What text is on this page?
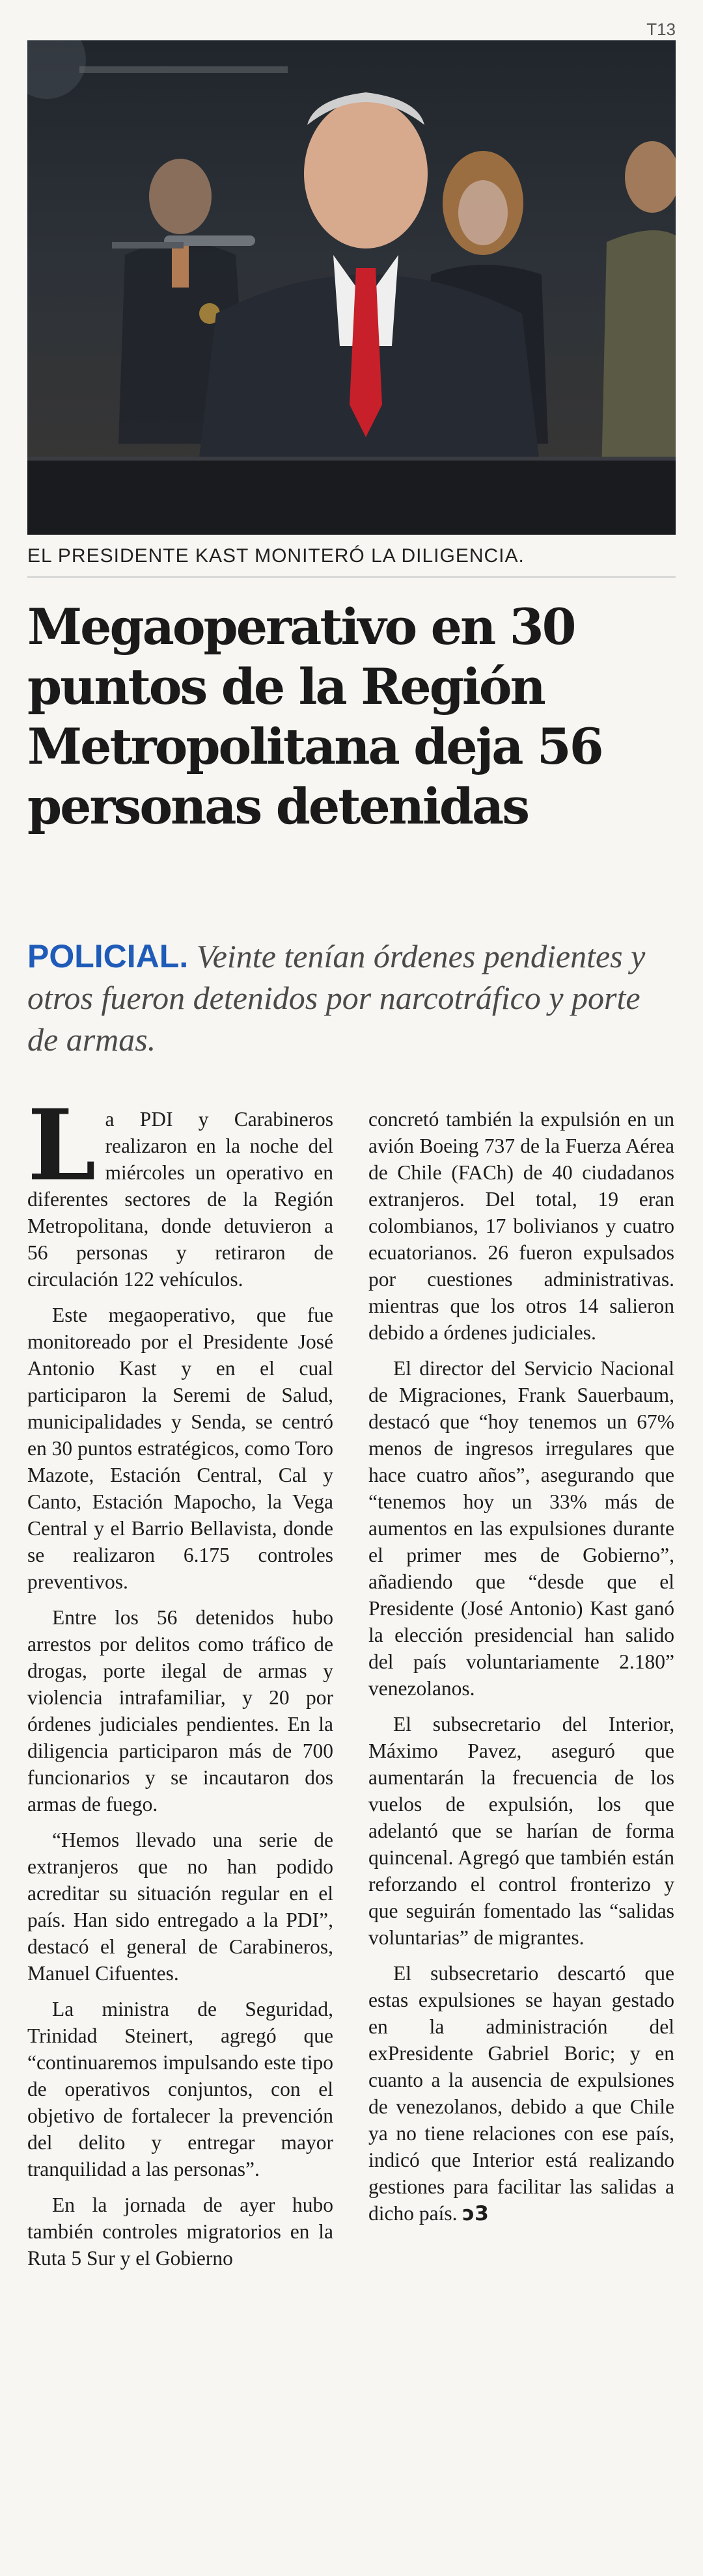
T13
EL PRESIDENTE KAST MONITERÓ LA DILIGENCIA.
Megaoperativo en 30 puntos de la Región Metropolitana deja 56 personas detenidas
POLICIAL. Veinte tenían órdenes pendientes y otros fueron detenidos por narcotráfico y porte de armas.

La PDI y Carabineros realizaron en la noche del miércoles un operativo en diferentes sectores de la Región Metropolitana, donde detuvieron a 56 personas y retiraron de circulación 122 vehículos.

Este megaoperativo, que fue monitoreado por el Presidente José Antonio Kast y en el cual participaron la Seremi de Salud, municipalidades y Senda, se centró en 30 puntos estratégicos, como Toro Mazote, Estación Central, Cal y Canto, Estación Mapocho, la Vega Central y el Barrio Bellavista, donde se realizaron 6.175 controles preventivos.

Entre los 56 detenidos hubo arrestos por delitos como tráfico de drogas, porte ilegal de armas y violencia intrafamiliar, y 20 por órdenes judiciales pendientes. En la diligencia participaron más de 700 funcionarios y se incautaron dos armas de fuego.

“Hemos llevado una serie de extranjeros que no han podido acreditar su situación regular en el país. Han sido entregado a la PDI”, destacó el general de Carabineros, Manuel Cifuentes.

La ministra de Seguridad, Trinidad Steinert, agregó que “continuaremos impulsando este tipo de operativos conjuntos, con el objetivo de fortalecer la prevención del delito y entregar mayor tranquilidad a las personas”.

En la jornada de ayer hubo también controles migratorios en la Ruta 5 Sur y el Gobierno

concretó también la expulsión en un avión Boeing 737 de la Fuerza Aérea de Chile (FACh) de 40 ciudadanos extranjeros. Del total, 19 eran colombianos, 17 bolivianos y cuatro ecuatorianos. 26 fueron expulsados por cuestiones administrativas. mientras que los otros 14 salieron debido a órdenes judiciales.

El director del Servicio Nacional de Migraciones, Frank Sauerbaum, destacó que “hoy tenemos un 67% menos de ingresos irregulares que hace cuatro años”, asegurando que “tenemos hoy un 33% más de aumentos en las expulsiones durante el primer mes de Gobierno”, añadiendo que “desde que el Presidente (José Antonio) Kast ganó la elección presidencial han salido del país voluntariamente 2.180” venezolanos.

El subsecretario del Interior, Máximo Pavez, aseguró que aumentarán la frecuencia de los vuelos de expulsión, los que adelantó que se harían de forma quincenal. Agregó que también están reforzando el control fronterizo y que seguirán fomentado las “salidas voluntarias” de migrantes.

El subsecretario descartó que estas expulsiones se hayan gestado en la administración del exPresidente Gabriel Boric; y en cuanto a la ausencia de expulsiones de venezolanos, debido a que Chile ya no tiene relaciones con ese país, indicó que Interior está realizando gestiones para facilitar las salidas a dicho país. ↄ3
